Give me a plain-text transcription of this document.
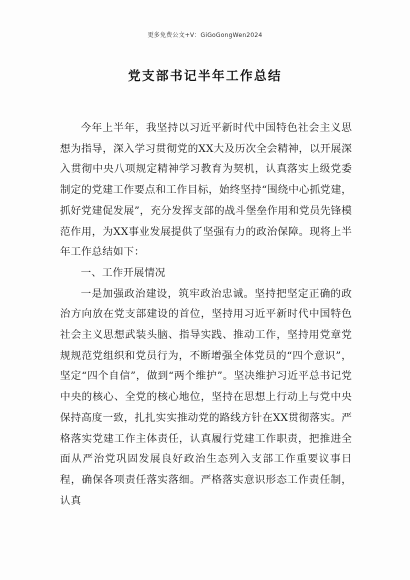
更多免费公文+V：GiGoGongWen2024
党支部书记半年工作总结

今年上半年，我坚持以习近平新时代中国特色社会主义思想为指导，深入学习贯彻党的XX大及历次全会精神，以开展深入贯彻中央八项规定精神学习教育为契机，认真落实上级党委制定的党建工作要点和工作目标，始终坚持“围绕中心抓党建，抓好党建促发展”，充分发挥支部的战斗堡垒作用和党员先锋模范作用，为XX事业发展提供了坚强有力的政治保障。现将上半年工作总结如下：

一、工作开展情况

一是加强政治建设，筑牢政治忠诚。坚持把坚定正确的政治方向放在党支部建设的首位，坚持用习近平新时代中国特色社会主义思想武装头脑、指导实践、推动工作，坚持用党章党规规范党组织和党员行为，不断增强全体党员的“四个意识”，坚定“四个自信”，做到“两个维护”。坚决维护习近平总书记党中央的核心、全党的核心地位，坚持在思想上行动上与党中央保持高度一致，扎扎实实推动党的路线方针在XX贯彻落实。严格落实党建工作主体责任，认真履行党建工作职责，把推进全面从严治党巩固发展良好政治生态列入支部工作重要议事日程，确保各项责任落实落细。严格落实意识形态工作责任制，认真
